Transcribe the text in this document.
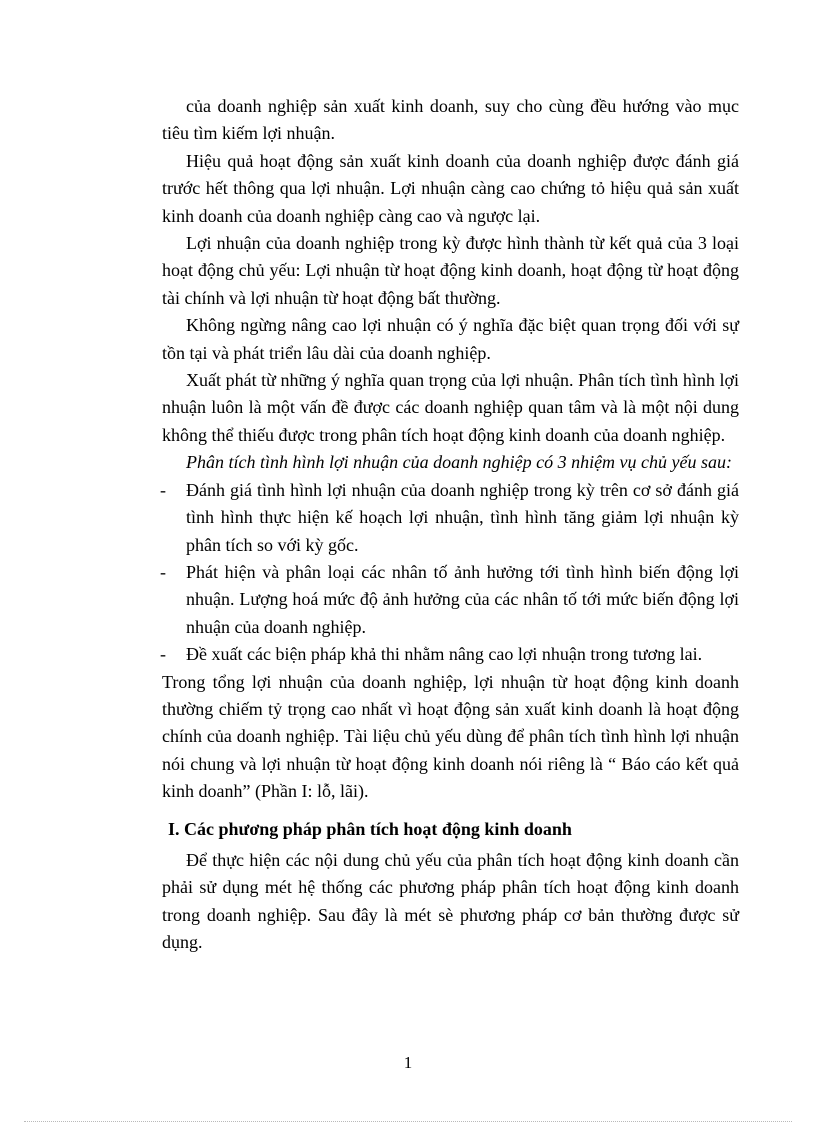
của doanh nghiệp sản xuất kinh doanh, suy cho cùng đều hướng vào mục tiêu tìm kiếm lợi nhuận.

Hiệu quả hoạt động sản xuất kinh doanh của doanh nghiệp được đánh giá trước hết thông qua lợi nhuận. Lợi nhuận càng cao chứng tỏ hiệu quả sản xuất kinh doanh của doanh nghiệp càng cao và ngược lại.

Lợi nhuận của doanh nghiệp trong kỳ được hình thành từ kết quả của 3 loại hoạt động chủ yếu: Lợi nhuận từ hoạt động kinh doanh, hoạt động từ hoạt động tài chính và lợi nhuận từ hoạt động bất thường.

Không ngừng nâng cao lợi nhuận có ý nghĩa đặc biệt quan trọng đối với sự tồn tại và phát triển lâu dài của doanh nghiệp.

Xuất phát từ những ý nghĩa quan trọng của lợi nhuận. Phân tích tình hình lợi nhuận luôn là một vấn đề được các doanh nghiệp quan tâm và là một nội dung không thể thiếu được trong phân tích hoạt động kinh doanh của doanh nghiệp.

Phân tích tình hình lợi nhuận của doanh nghiệp có 3 nhiệm vụ chủ yếu sau:

- Đánh giá tình hình lợi nhuận của doanh nghiệp trong kỳ trên cơ sở đánh giá tình hình thực hiện kế hoạch lợi nhuận, tình hình tăng giảm lợi nhuận kỳ phân tích so với kỳ gốc.
- Phát hiện và phân loại các nhân tố ảnh hưởng tới tình hình biến động lợi nhuận. Lượng hoá mức độ ảnh hưởng của các nhân tố tới mức biến động lợi nhuận của doanh nghiệp.
- Đề xuất các biện pháp khả thi nhằm nâng cao lợi nhuận trong tương lai.

Trong tổng lợi nhuận của doanh nghiệp, lợi nhuận từ hoạt động kinh doanh thường chiếm tỷ trọng cao nhất vì hoạt động sản xuất kinh doanh là hoạt động chính của doanh nghiệp. Tài liệu chủ yếu dùng để phân tích tình hình lợi nhuận nói chung và lợi nhuận từ hoạt động kinh doanh nói riêng là “ Báo cáo kết quả kinh doanh” (Phần I: lỗ, lãi).

I. Các phương pháp phân tích hoạt động kinh doanh

Để thực hiện các nội dung chủ yếu của phân tích hoạt động kinh doanh cần phải sử dụng mét hệ thống các phương pháp phân tích hoạt động kinh doanh trong doanh nghiệp. Sau đây là mét sè phương pháp cơ bản thường được sử dụng.

1
